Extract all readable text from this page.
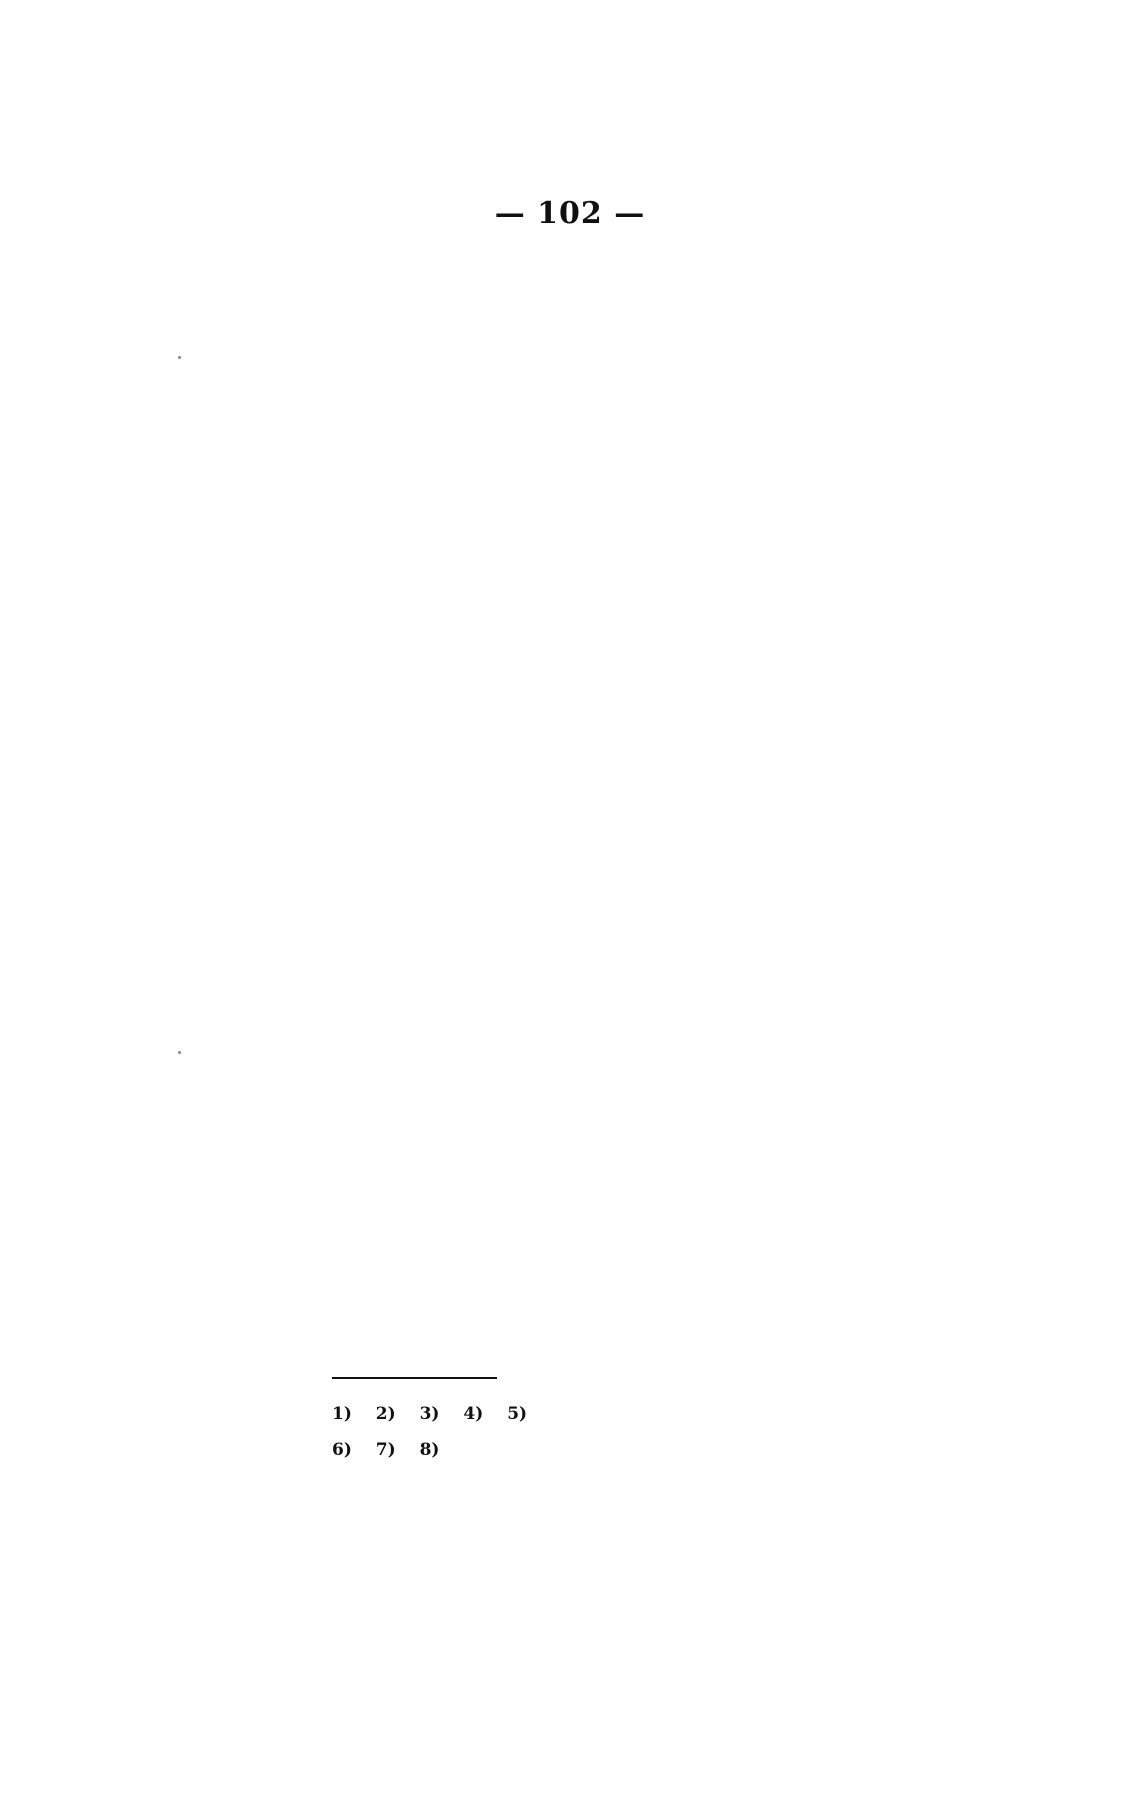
— 102 —
1) 2) 3) 4) 5)
6) 7) 8)
